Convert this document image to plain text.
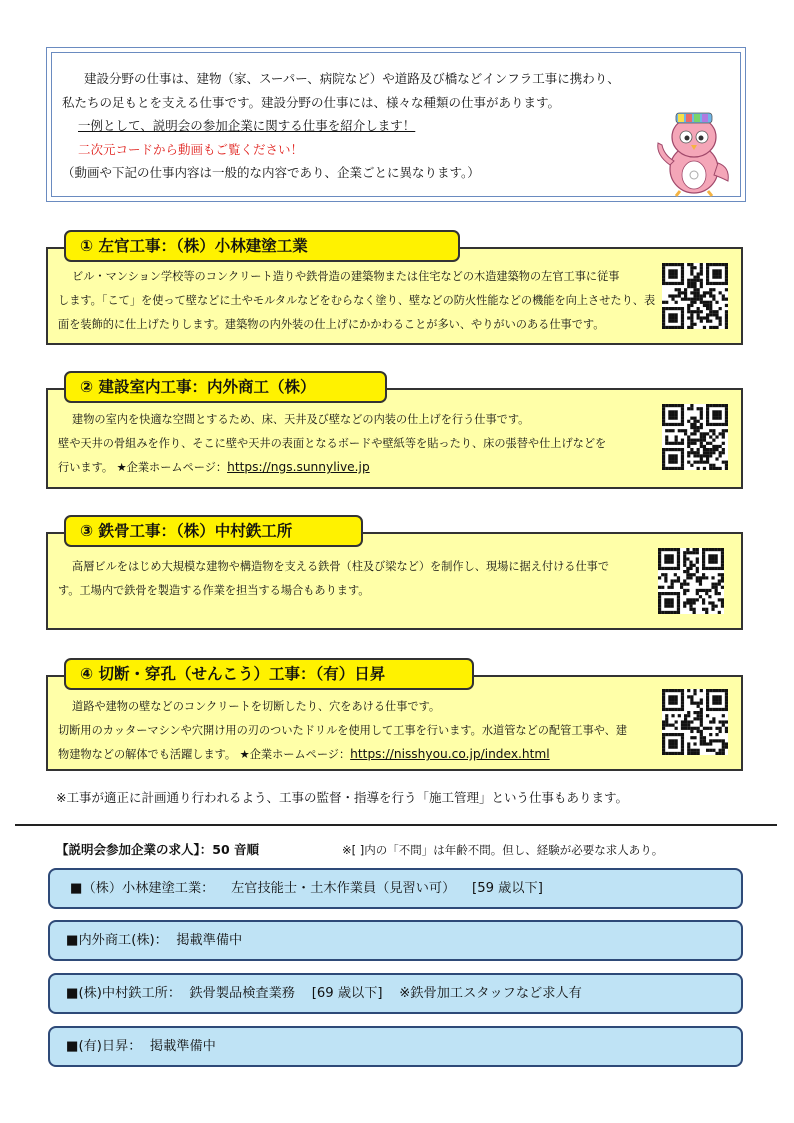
建設分野の仕事は、建物（家、スーパー、病院など）や道路及び橋などインフラ工事に携わり、
私たちの足もとを支える仕事です。建設分野の仕事には、様々な種類の仕事があります。
一例として、説明会の参加企業に関する仕事を紹介します！
二次元コードから動画もご覧ください！
（動画や下記の仕事内容は一般的な内容であり、企業ごとに異なります。）
① 左官工事：（株）小林建塗工業
ビル・マンション学校等のコンクリート造りや鉄骨造の建築物または住宅などの木造建築物の左官工事に従事
します。「こて」を使って壁などに土やモルタルなどをむらなく塗り、壁などの防火性能などの機能を向上させたり、表
面を装飾的に仕上げたりします。建築物の内外装の仕上げにかかわることが多い、やりがいのある仕事です。
② 建設室内工事：内外商工（株）
建物の室内を快適な空間とするため、床、天井及び壁などの内装の仕上げを行う仕事です。
壁や天井の骨組みを作り、そこに壁や天井の表面となるボードや壁紙等を貼ったり、床の張替や仕上げなどを
行います。 ★企業ホームページ：https://ngs.sunnylive.jp
③ 鉄骨工事：（株）中村鉄工所
高層ビルをはじめ大規模な建物や構造物を支える鉄骨（柱及び梁など）を制作し、現場に据え付ける仕事で
す。工場内で鉄骨を製造する作業を担当する場合もあります。
④ 切断・穿孔（せんこう）工事：（有）日昇
道路や建物の壁などのコンクリートを切断したり、穴をあける仕事です。
切断用のカッターマシンや穴開け用の刃のついたドリルを使用して工事を行います。水道管などの配管工事や、建
物建物などの解体でも活躍します。 ★企業ホームページ：https://nisshyou.co.jp/index.html
※工事が適正に計画通り行われるよう、工事の監督・指導を行う「施工管理」という仕事もあります。
【説明会参加企業の求人】：50 音順	※[ ]内の「不問」は年齢不問。但し、経験が必要な求人あり。
■（株）小林建塗工業：    左官技能士・土木作業員（見習い可）    [59 歳以下]
■内外商工(株)：  掲載準備中
■(株)中村鉄工所：  鉄骨製品検査業務    [69 歳以下]    ※鉄骨加工スタッフなど求人有
■(有)日昇：  掲載準備中
